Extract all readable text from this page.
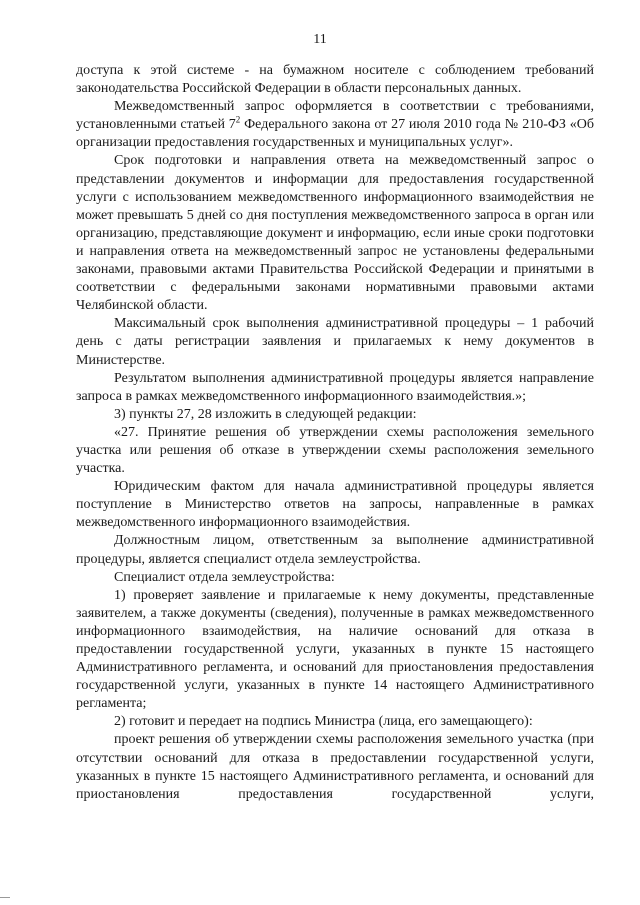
11

доступа к этой системе - на бумажном носителе с соблюдением требований законодательства Российской Федерации в области персональных данных.

Межведомственный запрос оформляется в соответствии с требованиями, установленными статьей $7^2$ Федерального закона от 27 июля 2010 года № 210-ФЗ «Об организации предоставления государственных и муниципальных услуг».

Срок подготовки и направления ответа на межведомственный запрос о представлении документов и информации для предоставления государственной услуги с использованием межведомственного информационного взаимодействия не может превышать 5 дней со дня поступления межведомственного запроса в орган или организацию, представляющие документ и информацию, если иные сроки подготовки и направления ответа на межведомственный запрос не установлены федеральными законами, правовыми актами Правительства Российской Федерации и принятыми в соответствии с федеральными законами нормативными правовыми актами Челябинской области.

Максимальный срок выполнения административной процедуры – 1 рабочий день с даты регистрации заявления и прилагаемых к нему документов в Министерстве.

Результатом выполнения административной процедуры является направление запроса в рамках межведомственного информационного взаимодействия.»;

3) пункты 27, 28 изложить в следующей редакции:

«27. Принятие решения об утверждении схемы расположения земельного участка или решения об отказе в утверждении схемы расположения земельного участка.

Юридическим фактом для начала административной процедуры является поступление в Министерство ответов на запросы, направленные в рамках межведомственного информационного взаимодействия.

Должностным лицом, ответственным за выполнение административной процедуры, является специалист отдела землеустройства.

Специалист отдела землеустройства:

1) проверяет заявление и прилагаемые к нему документы, представленные заявителем, а также документы (сведения), полученные в рамках межведомственного информационного взаимодействия, на наличие оснований для отказа в предоставлении государственной услуги, указанных в пункте 15 настоящего Административного регламента, и оснований для приостановления предоставления государственной услуги, указанных в пункте 14 настоящего Административного регламента;

2) готовит и передает на подпись Министра (лица, его замещающего):

проект решения об утверждении схемы расположения земельного участка (при отсутствии оснований для отказа в предоставлении государственной услуги, указанных в пункте 15 настоящего Административного регламента, и оснований для приостановления предоставления государственной услуги,
